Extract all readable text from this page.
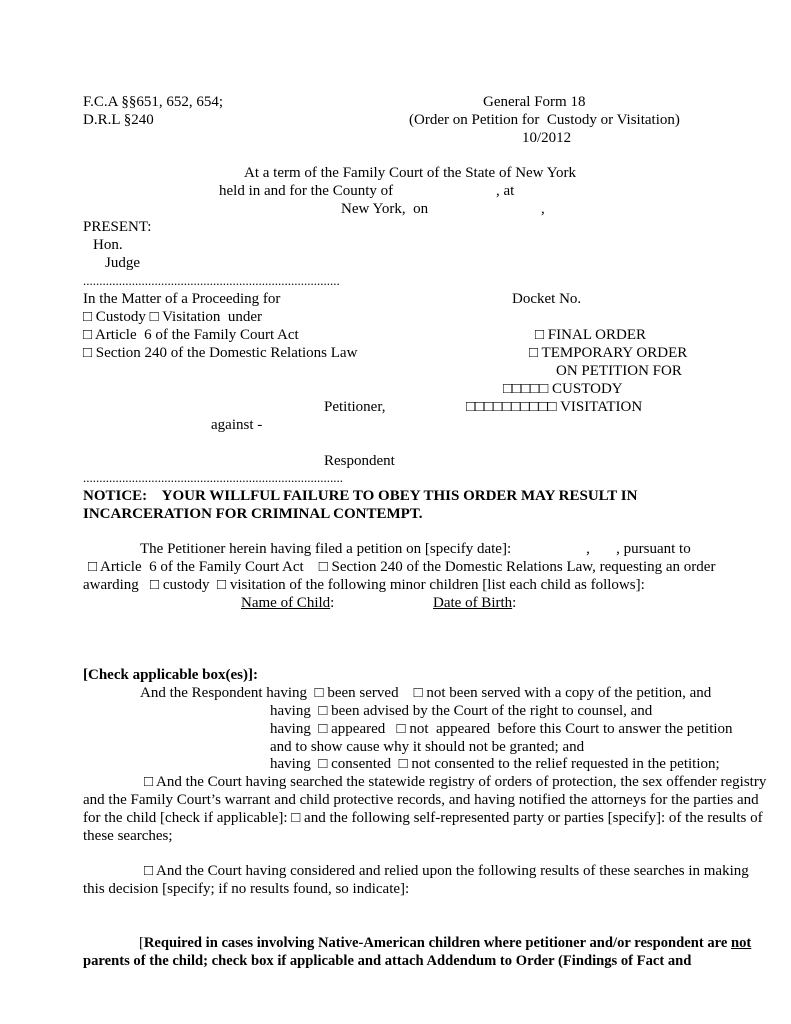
F.C.A §§651, 652, 654;
D.R.L §240
General Form 18
(Order on Petition for  Custody or Visitation)
10/2012
At a term of the Family Court of the State of New York
held in and for the County of	, at
New York,  on	,
PRESENT:
Hon.
Judge
...............................................................................
In the Matter of a Proceeding for	Docket No.
□ Custody □ Visitation  under
□ Article  6 of the Family Court Act	□ FINAL ORDER
□ Section 240 of the Domestic Relations Law	□ TEMPORARY ORDER
ON PETITION FOR
□□□□□ CUSTODY
Petitioner,	□□□□□□□□□□ VISITATION
against -
Respondent
................................................................................
NOTICE:    YOUR WILLFUL FAILURE TO OBEY THIS ORDER MAY RESULT IN
INCARCERATION FOR CRIMINAL CONTEMPT.
The Petitioner herein having filed a petition on [specify date]:                    ,       , pursuant to
□ Article  6 of the Family Court Act    □ Section 240 of the Domestic Relations Law, requesting an order
awarding   □ custody  □ visitation of the following minor children [list each child as follows]:
Name of Child:	Date of Birth:
[Check applicable box(es)]:
And the Respondent having  □ been served    □ not been served with a copy of the petition, and
having  □ been advised by the Court of the right to counsel, and
having  □ appeared   □ not  appeared  before this Court to answer the petition
and to show cause why it should not be granted; and
having  □ consented  □ not consented to the relief requested in the petition;
□ And the Court having searched the statewide registry of orders of protection, the sex offender registry and the Family Court’s warrant and child protective records, and having notified the attorneys for the parties and for the child [check if applicable]: □ and the following self-represented party or parties [specify]: of the results of these searches;
□ And the Court having considered and relied upon the following results of these searches in making this decision [specify; if no results found, so indicate]:
[Required in cases involving Native-American children where petitioner and/or respondent are not parents of the child; check box if applicable and attach Addendum to Order (Findings of Fact and
